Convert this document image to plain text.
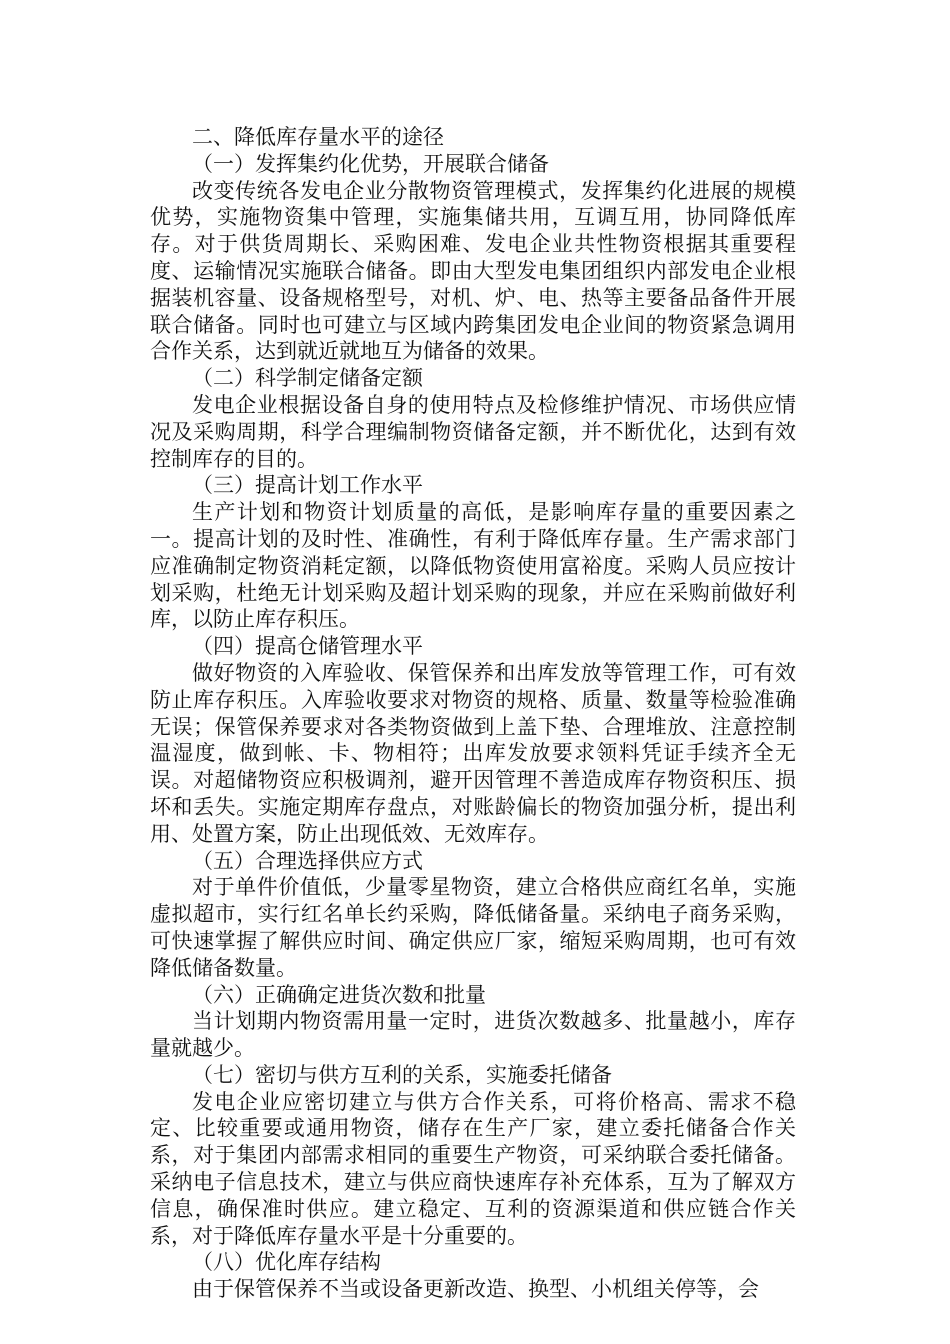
二、降低库存量水平的途径

（一）发挥集约化优势，开展联合储备

改变传统各发电企业分散物资管理模式，发挥集约化进展的规模优势，实施物资集中管理，实施集储共用，互调互用，协同降低库存。对于供货周期长、采购困难、发电企业共性物资根据其重要程度、运输情况实施联合储备。即由大型发电集团组织内部发电企业根据装机容量、设备规格型号，对机、炉、电、热等主要备品备件开展联合储备。同时也可建立与区域内跨集团发电企业间的物资紧急调用合作关系，达到就近就地互为储备的效果。

（二）科学制定储备定额

发电企业根据设备自身的使用特点及检修维护情况、市场供应情况及采购周期，科学合理编制物资储备定额，并不断优化，达到有效控制库存的目的。

（三）提高计划工作水平

生产计划和物资计划质量的高低，是影响库存量的重要因素之一。提高计划的及时性、准确性，有利于降低库存量。生产需求部门应准确制定物资消耗定额，以降低物资使用富裕度。采购人员应按计划采购，杜绝无计划采购及超计划采购的现象，并应在采购前做好利库，以防止库存积压。

（四）提高仓储管理水平

做好物资的入库验收、保管保养和出库发放等管理工作，可有效防止库存积压。入库验收要求对物资的规格、质量、数量等检验准确无误；保管保养要求对各类物资做到上盖下垫、合理堆放、注意控制温湿度，做到帐、卡、物相符；出库发放要求领料凭证手续齐全无误。对超储物资应积极调剂，避开因管理不善造成库存物资积压、损坏和丢失。实施定期库存盘点，对账龄偏长的物资加强分析，提出利用、处置方案，防止出现低效、无效库存。

（五）合理选择供应方式

对于单件价值低，少量零星物资，建立合格供应商红名单，实施虚拟超市，实行红名单长约采购，降低储备量。采纳电子商务采购，可快速掌握了解供应时间、确定供应厂家，缩短采购周期，也可有效降低储备数量。

（六）正确确定进货次数和批量

当计划期内物资需用量一定时，进货次数越多、批量越小，库存量就越少。

（七）密切与供方互利的关系，实施委托储备

发电企业应密切建立与供方合作关系，可将价格高、需求不稳定、比较重要或通用物资，储存在生产厂家，建立委托储备合作关系，对于集团内部需求相同的重要生产物资，可采纳联合委托储备。采纳电子信息技术，建立与供应商快速库存补充体系，互为了解双方信息，确保准时供应。建立稳定、互利的资源渠道和供应链合作关系，对于降低库存量水平是十分重要的。

（八）优化库存结构

由于保管保养不当或设备更新改造、换型、小机组关停等，会
